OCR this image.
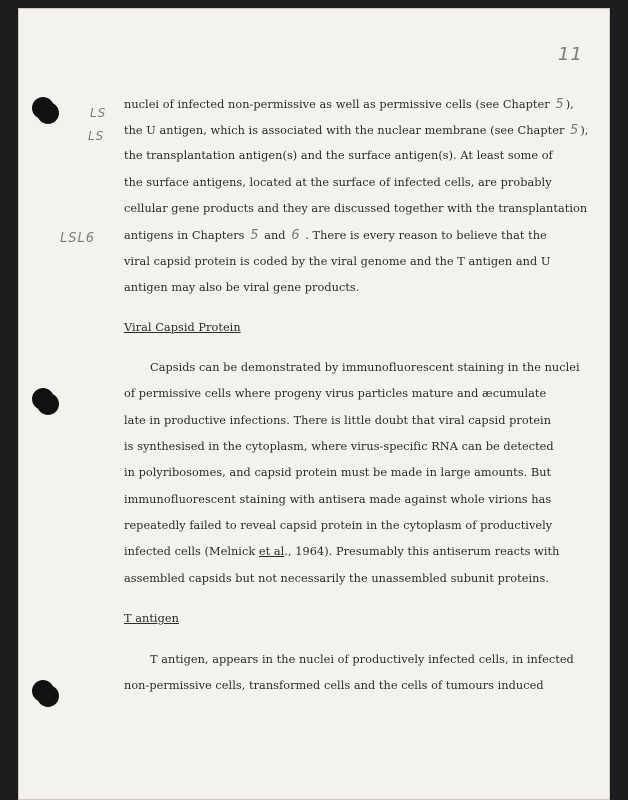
11
LS
LS
LSL6
nuclei of infected non-permissive as well as permissive cells (see Chapter 5 ),
the U antigen, which is associated with the nuclear membrane (see Chapter 5 ),
the transplantation antigen(s) and the surface antigen(s). At least some of
the surface antigens, located at the surface of infected cells, are probably
cellular gene products and they are discussed together with the transplantation
antigens in Chapters 5 and 6 . There is every reason to believe that the
viral capsid protein is coded by the viral genome and the T antigen and U
antigen may also be viral gene products.
Viral Capsid Protein
Capsids can be demonstrated by immunofluorescent staining in the nuclei
of permissive cells where progeny virus particles mature and æcumulate
late in productive infections. There is little doubt that viral capsid protein
is synthesised in the cytoplasm, where virus-specific RNA can be detected
in polyribosomes, and capsid protein must be made in large amounts. But
immunofluorescent staining with antisera made against whole virions has
repeatedly failed to reveal capsid protein in the cytoplasm of productively
infected cells (Melnick et al., 1964). Presumably this antiserum reacts with
assembled capsids but not necessarily the unassembled subunit proteins.
T antigen
T antigen, appears in the nuclei of productively infected cells, in infected
non-permissive cells, transformed cells and the cells of tumours induced
